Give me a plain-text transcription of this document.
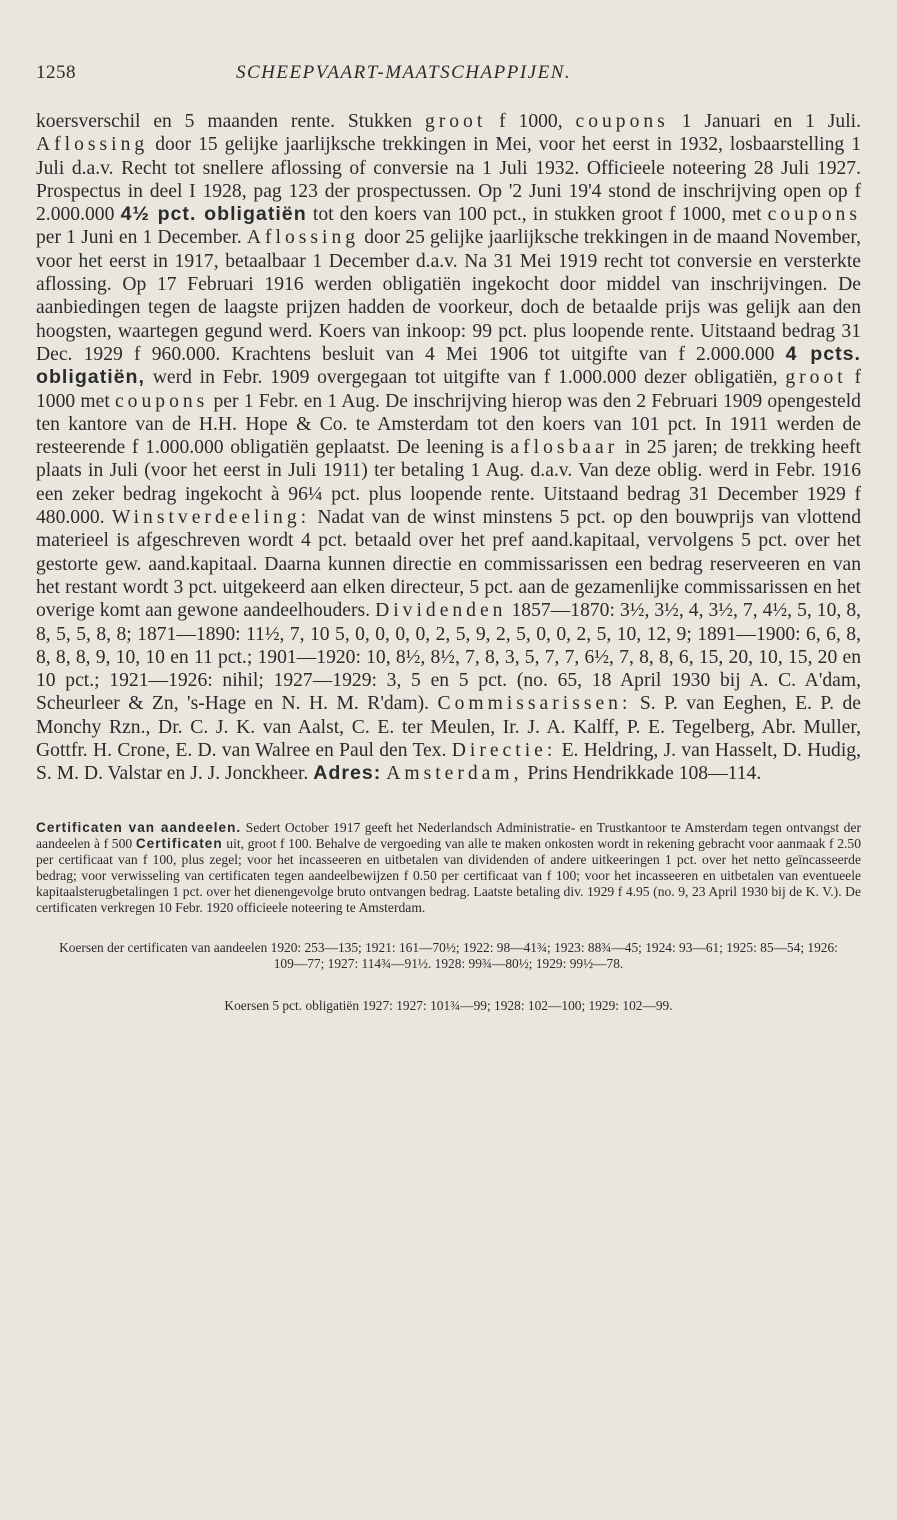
1258	SCHEEPVAART-MAATSCHAPPIJEN.

koersverschil en 5 maanden rente. Stukken groot f 1000, coupons 1 Januari en 1 Juli. Aflossing door 15 gelijke jaarlijksche trekkingen in Mei, voor het eerst in 1932, losbaarstelling 1 Juli d.a.v. Recht tot snellere aflossing of conversie na 1 Juli 1932. Officieele noteering 28 Juli 1927. Prospectus in deel I 1928, pag 123 der prospectussen. Op '2 Juni 19'4 stond de inschrijving open op f 2.000.000 4½ pct. obligatiën tot den koers van 100 pct., in stukken groot f 1000, met coupons per 1 Juni en 1 December. Aflossing door 25 gelijke jaarlijksche trekkingen in de maand November, voor het eerst in 1917, betaalbaar 1 December d.a.v. Na 31 Mei 1919 recht tot conversie en versterkte aflossing. Op 17 Februari 1916 werden obligatiën ingekocht door middel van inschrijvingen. De aanbiedingen tegen de laagste prijzen hadden de voorkeur, doch de betaalde prijs was gelijk aan den hoogsten, waartegen gegund werd. Koers van inkoop: 99 pct. plus loopende rente. Uitstaand bedrag 31 Dec. 1929 f 960.000. Krachtens besluit van 4 Mei 1906 tot uitgifte van f 2.000.000 4 pcts. obligatiën, werd in Febr. 1909 overgegaan tot uitgifte van f 1.000.000 dezer obligatiën, groot f 1000 met coupons per 1 Febr. en 1 Aug. De inschrijving hierop was den 2 Februari 1909 opengesteld ten kantore van de H.H. Hope & Co. te Amsterdam tot den koers van 101 pct. In 1911 werden de resteerende f 1.000.000 obligatiën geplaatst. De leening is aflosbaar in 25 jaren; de trekking heeft plaats in Juli (voor het eerst in Juli 1911) ter betaling 1 Aug. d.a.v. Van deze oblig. werd in Febr. 1916 een zeker bedrag ingekocht à 96¼ pct. plus loopende rente. Uitstaand bedrag 31 December 1929 f 480.000. Winstverdeeling: Nadat van de winst minstens 5 pct. op den bouwprijs van vlottend materieel is afgeschreven wordt 4 pct. betaald over het pref aand.kapitaal, vervolgens 5 pct. over het gestorte gew. aand.kapitaal. Daarna kunnen directie en commissarissen een bedrag reserveeren en van het restant wordt 3 pct. uitgekeerd aan elken directeur, 5 pct. aan de gezamenlijke commissarissen en het overige komt aan gewone aandeelhouders. Dividenden 1857—1870: 3½, 3½, 4, 3½, 7, 4½, 5, 10, 8, 8, 5, 5, 8, 8; 1871—1890: 11½, 7, 10 5, 0, 0, 0, 0, 2, 5, 9, 2, 5, 0, 0, 2, 5, 10, 12, 9; 1891—1900: 6, 6, 8, 8, 8, 8, 9, 10, 10 en 11 pct.; 1901—1920: 10, 8½, 8½, 7, 8, 3, 5, 7, 7, 6½, 7, 8, 8, 6, 15, 20, 10, 15, 20 en 10 pct.; 1921—1926: nihil; 1927—1929: 3, 5 en 5 pct. (no. 65, 18 April 1930 bij A. C. A'dam, Scheurleer & Zn, 's-Hage en N. H. M. R'dam). Commissarissen: S. P. van Eeghen, E. P. de Monchy Rzn., Dr. C. J. K. van Aalst, C. E. ter Meulen, Ir. J. A. Kalff, P. E. Tegelberg, Abr. Muller, Gottfr. H. Crone, E. D. van Walree en Paul den Tex. Directie: E. Heldring, J. van Hasselt, D. Hudig, S. M. D. Valstar en J. J. Jonckheer. Adres: Amsterdam, Prins Hendrikkade 108—114.

Certificaten van aandeelen. Sedert October 1917 geeft het Nederlandsch Administratie- en Trustkantoor te Amsterdam tegen ontvangst der aandeelen à f 500 Certificaten uit, groot f 100. Behalve de vergoeding van alle te maken onkosten wordt in rekening gebracht voor aanmaak f 2.50 per certificaat van f 100, plus zegel; voor het incasseeren en uitbetalen van dividenden of andere uitkeeringen 1 pct. over het netto geïncasseerde bedrag; voor verwisseling van certificaten tegen aandeelbewijzen f 0.50 per certificaat van f 100; voor het incasseeren en uitbetalen van eventueele kapitaalsterugbetalingen 1 pct. over het dienengevolge bruto ontvangen bedrag. Laatste betaling div. 1929 f 4.95 (no. 9, 23 April 1930 bij de K. V.). De certificaten verkregen 10 Febr. 1920 officieele noteering te Amsterdam.

Koersen der certificaten van aandeelen 1920: 253—135; 1921: 161—70½; 1922: 98—41¾; 1923: 88¾—45; 1924: 93—61; 1925: 85—54; 1926: 109—77; 1927: 114¾—91½. 1928: 99¾—80½; 1929: 99½—78.
Koersen 5 pct. obligatiën 1927: 1927: 101¾—99; 1928: 102—100; 1929: 102—99.
